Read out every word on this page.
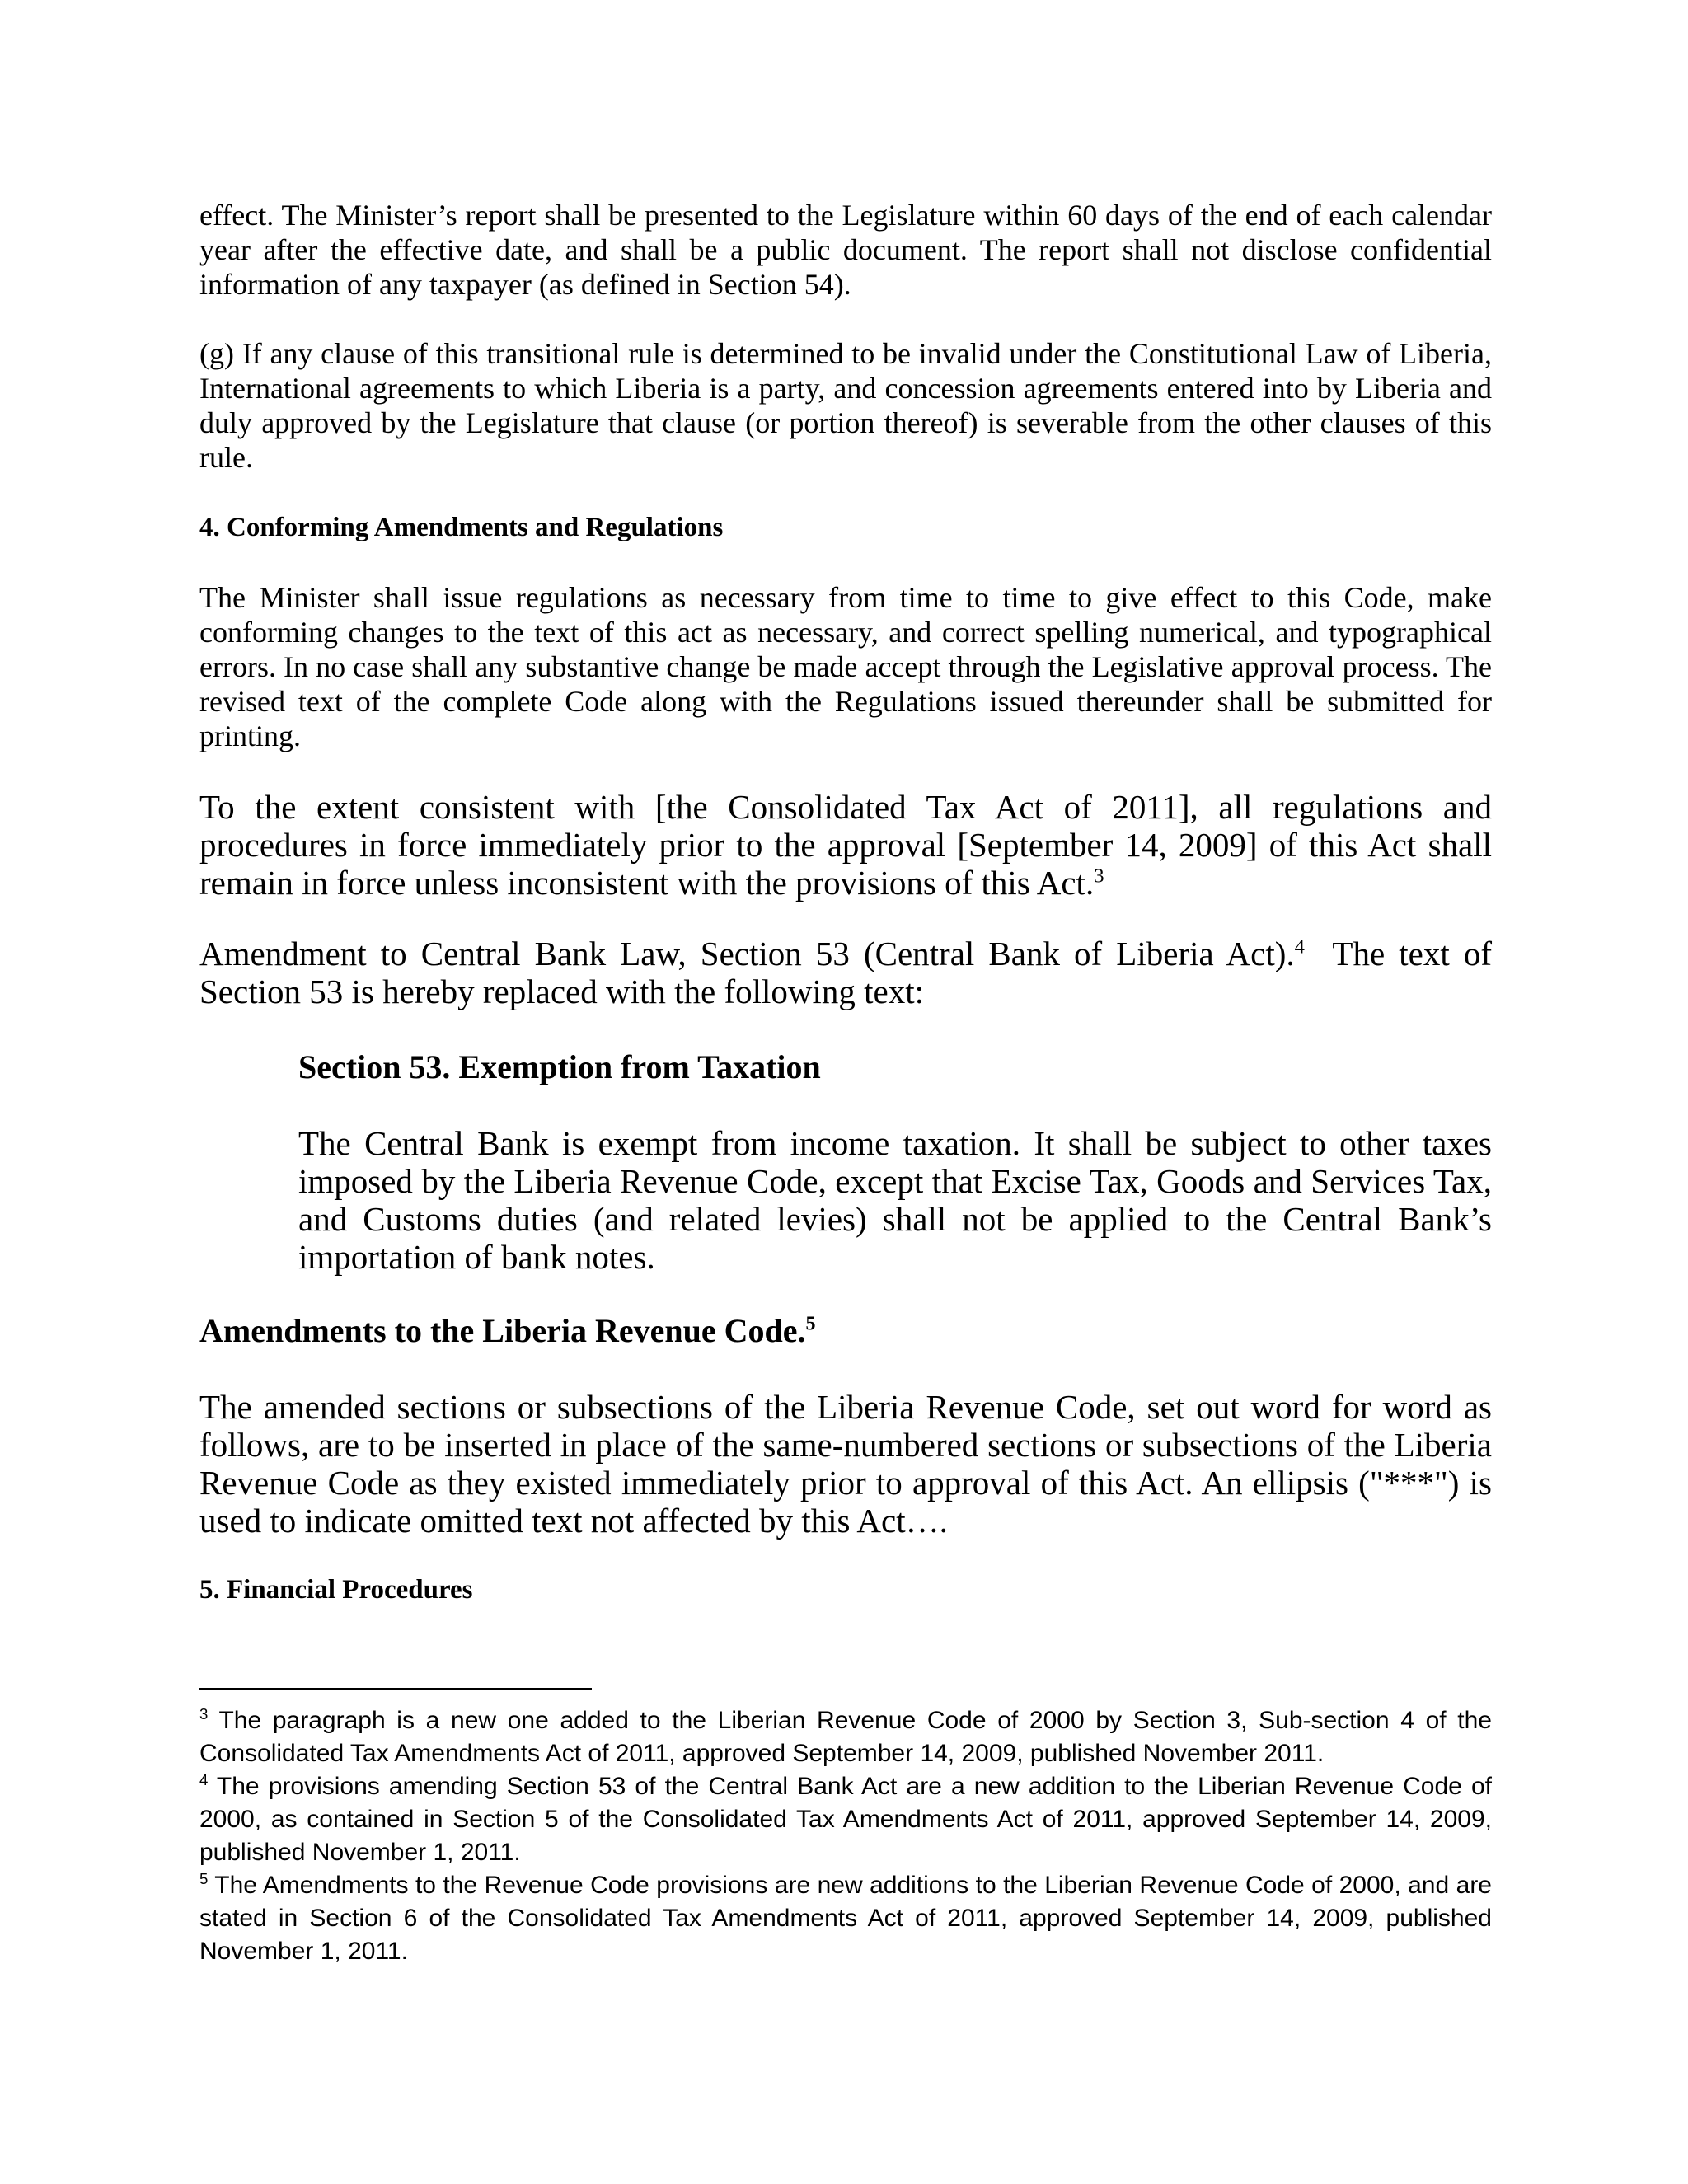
effect. The Minister’s report shall be presented to the Legislature within 60 days of the end of each calendar year after the effective date, and shall be a public document. The report shall not disclose confidential information of any taxpayer (as defined in Section 54).

(g) If any clause of this transitional rule is determined to be invalid under the Constitutional Law of Liberia, International agreements to which Liberia is a party, and concession agreements entered into by Liberia and duly approved by the Legislature that clause (or portion thereof) is severable from the other clauses of this rule.

4. Conforming Amendments and Regulations

The Minister shall issue regulations as necessary from time to time to give effect to this Code, make conforming changes to the text of this act as necessary, and correct spelling numerical, and typographical errors. In no case shall any substantive change be made accept through the Legislative approval process. The revised text of the complete Code along with the Regulations issued thereunder shall be submitted for printing.

To the extent consistent with [the Consolidated Tax Act of 2011], all regulations and procedures in force immediately prior to the approval [September 14, 2009] of this Act shall remain in force unless inconsistent with the provisions of this Act.$^3$

Amendment to Central Bank Law, Section 53 (Central Bank of Liberia Act).$^4$  The text of Section 53 is hereby replaced with the following text:

Section 53. Exemption from Taxation

The Central Bank is exempt from income taxation. It shall be subject to other taxes imposed by the Liberia Revenue Code, except that Excise Tax, Goods and Services Tax, and Customs duties (and related levies) shall not be applied to the Central Bank’s importation of bank notes.

Amendments to the Liberia Revenue Code.$^5$

The amended sections or subsections of the Liberia Revenue Code, set out word for word as follows, are to be inserted in place of the same-numbered sections or subsections of the Liberia Revenue Code as they existed immediately prior to approval of this Act. An ellipsis ("***") is used to indicate omitted text not affected by this Act….

5. Financial Procedures

$^3$ The paragraph is a new one added to the Liberian Revenue Code of 2000 by Section 3, Sub-section 4 of the Consolidated Tax Amendments Act of 2011, approved September 14, 2009, published November 2011.

$^4$ The provisions amending Section 53 of the Central Bank Act are a new addition to the Liberian Revenue Code of 2000, as contained in Section 5 of the Consolidated Tax Amendments Act of 2011, approved September 14, 2009, published November 1, 2011.

$^5$ The Amendments to the Revenue Code provisions are new additions to the Liberian Revenue Code of 2000, and are stated in Section 6 of the Consolidated Tax Amendments Act of 2011, approved September 14, 2009, published November 1, 2011.
